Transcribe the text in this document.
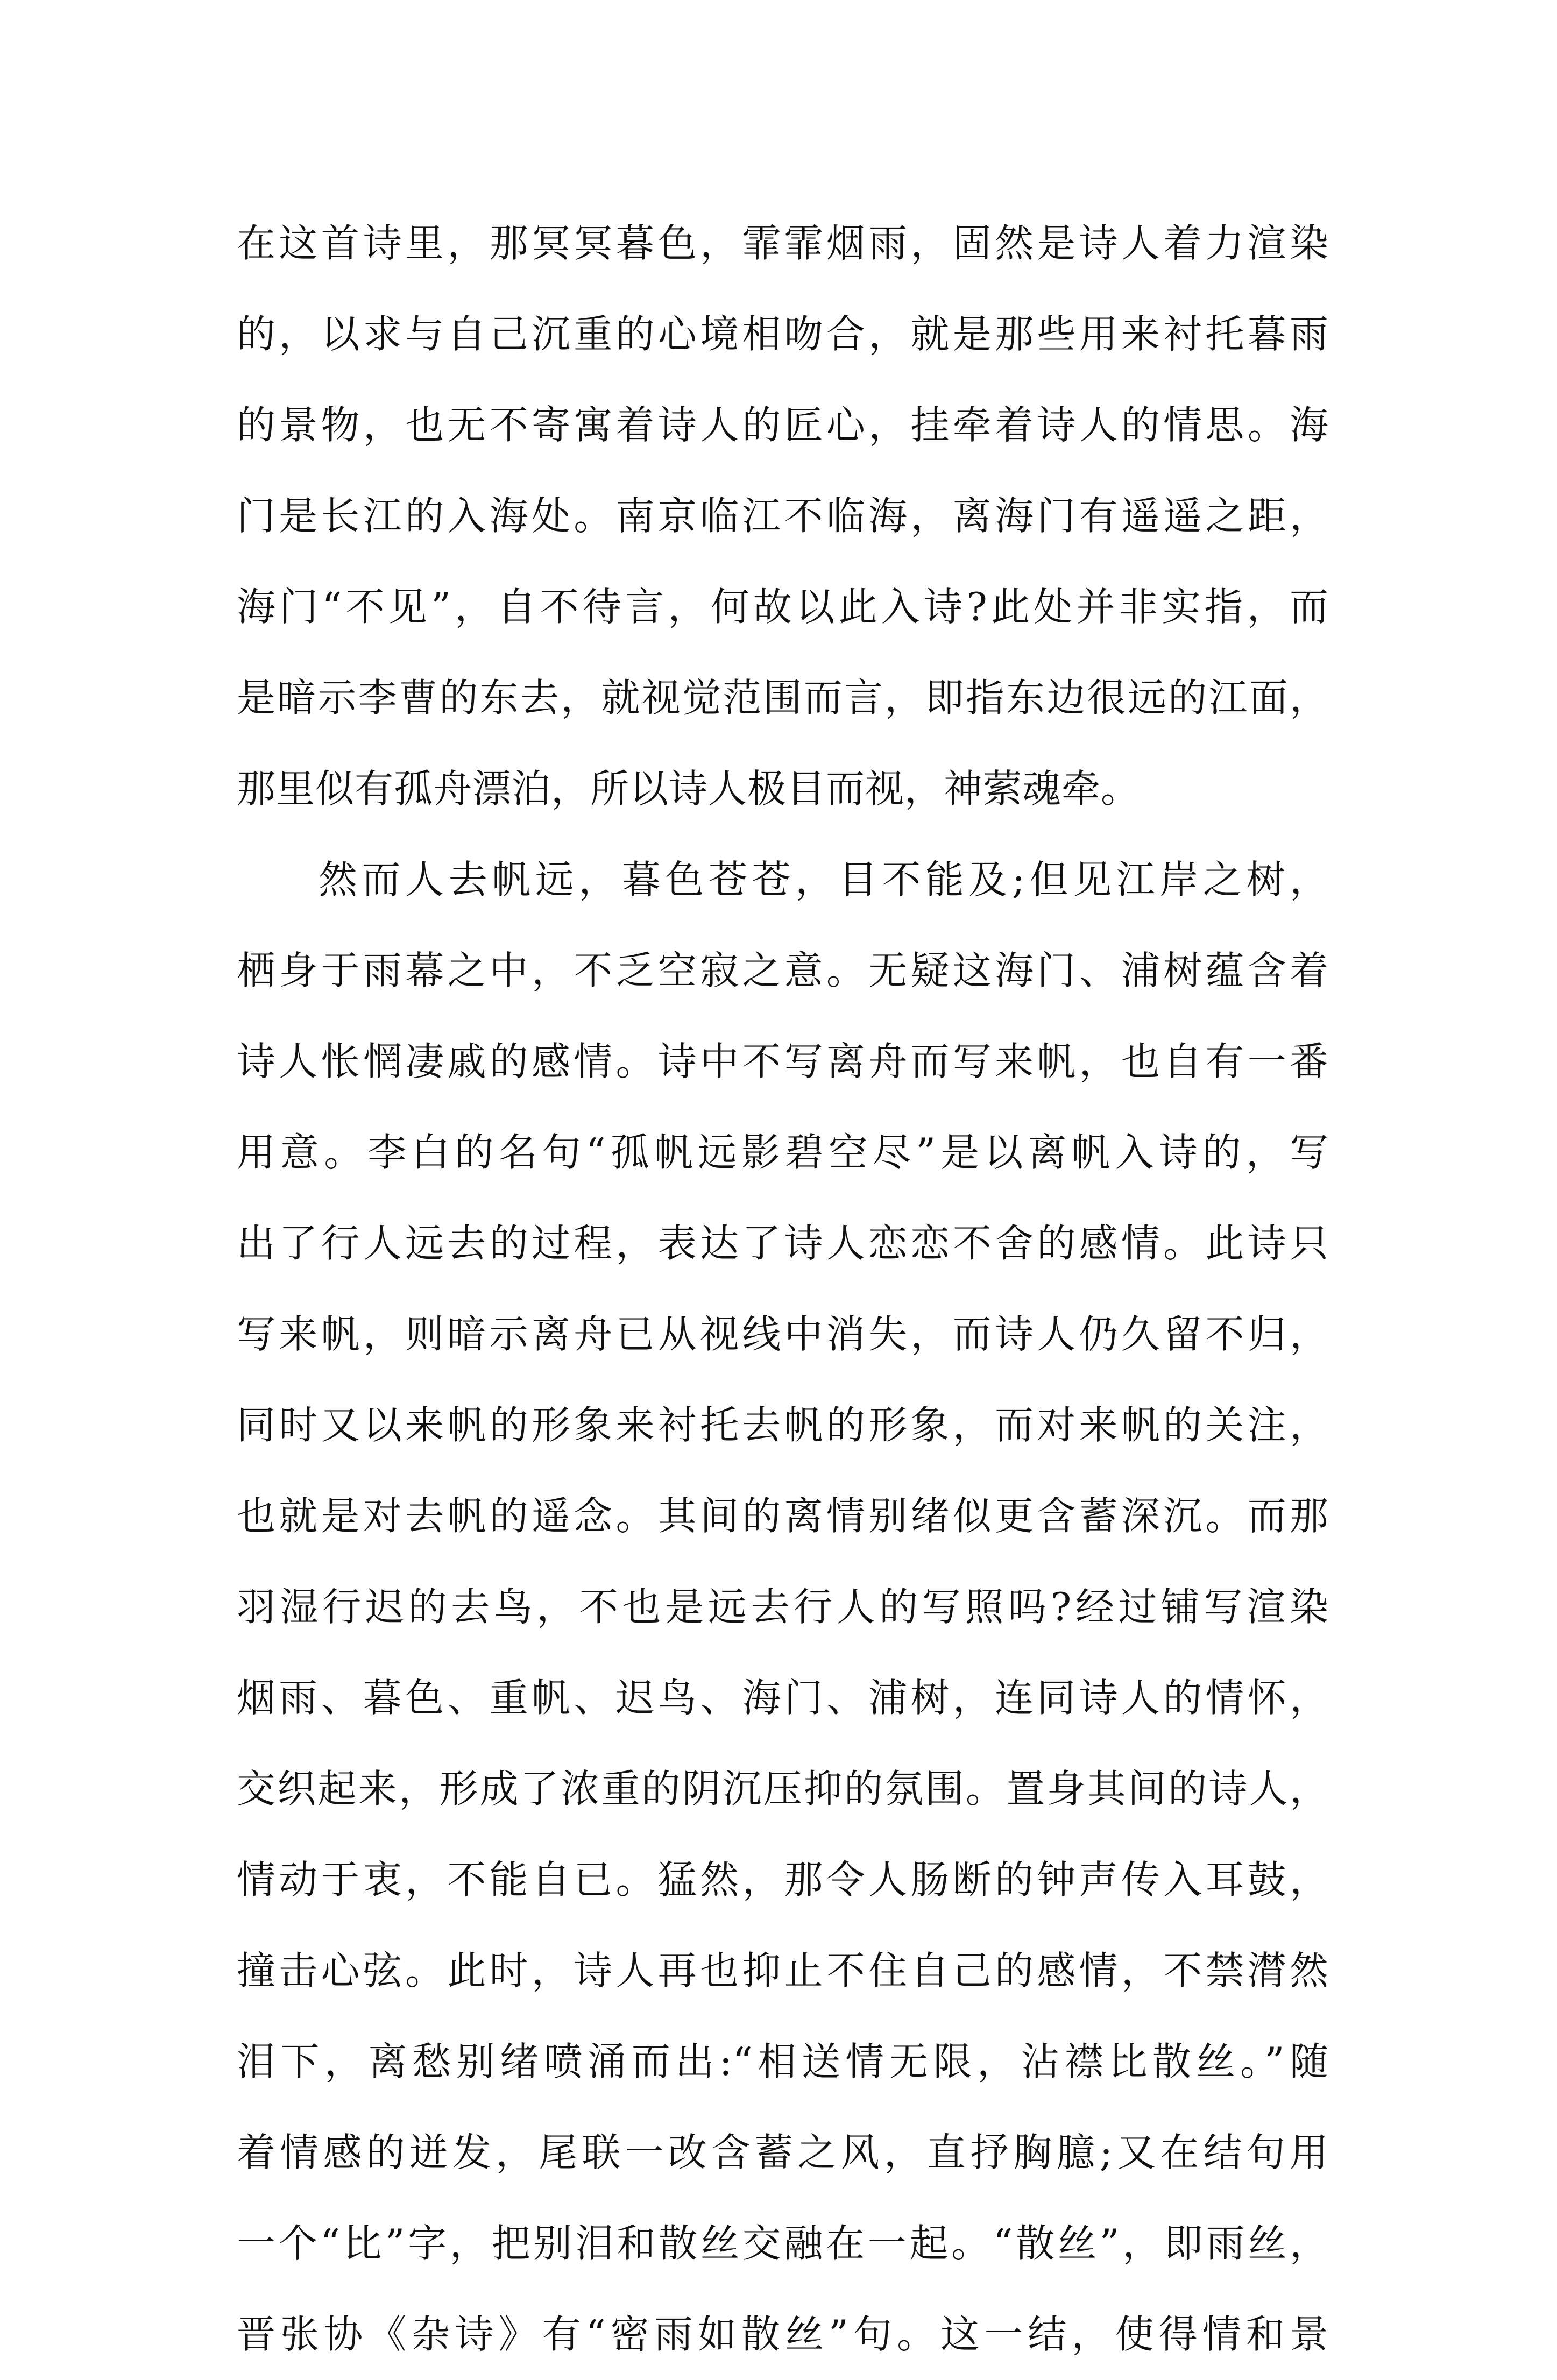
在这首诗里，那冥冥暮色，霏霏烟雨，固然是诗人着力渲染
的，以求与自己沉重的心境相吻合，就是那些用来衬托暮雨
的景物，也无不寄寓着诗人的匠心，挂牵着诗人的情思。海
门是长江的入海处。南京临江不临海，离海门有遥遥之距，
海门“不见”，自不待言，何故以此入诗?此处并非实指，而
是暗示李曹的东去，就视觉范围而言，即指东边很远的江面，
那里似有孤舟漂泊，所以诗人极目而视，神萦魂牵。
然而人去帆远，暮色苍苍，目不能及;但见江岸之树，
栖身于雨幕之中，不乏空寂之意。无疑这海门、浦树蕴含着
诗人怅惘凄戚的感情。诗中不写离舟而写来帆，也自有一番
用意。李白的名句“孤帆远影碧空尽”是以离帆入诗的，写
出了行人远去的过程，表达了诗人恋恋不舍的感情。此诗只
写来帆，则暗示离舟已从视线中消失，而诗人仍久留不归，
同时又以来帆的形象来衬托去帆的形象，而对来帆的关注，
也就是对去帆的遥念。其间的离情别绪似更含蓄深沉。而那
羽湿行迟的去鸟，不也是远去行人的写照吗?经过铺写渲染
烟雨、暮色、重帆、迟鸟、海门、浦树，连同诗人的情怀，
交织起来，形成了浓重的阴沉压抑的氛围。置身其间的诗人，
情动于衷，不能自已。猛然，那令人肠断的钟声传入耳鼓，
撞击心弦。此时，诗人再也抑止不住自己的感情，不禁潸然
泪下，离愁别绪喷涌而出:“相送情无限，沾襟比散丝。”随
着情感的迸发，尾联一改含蓄之风，直抒胸臆;又在结句用
一个“比”字，把别泪和散丝交融在一起。“散丝”，即雨丝，
晋张协《杂诗》有“密雨如散丝”句。这一结，使得情和景
